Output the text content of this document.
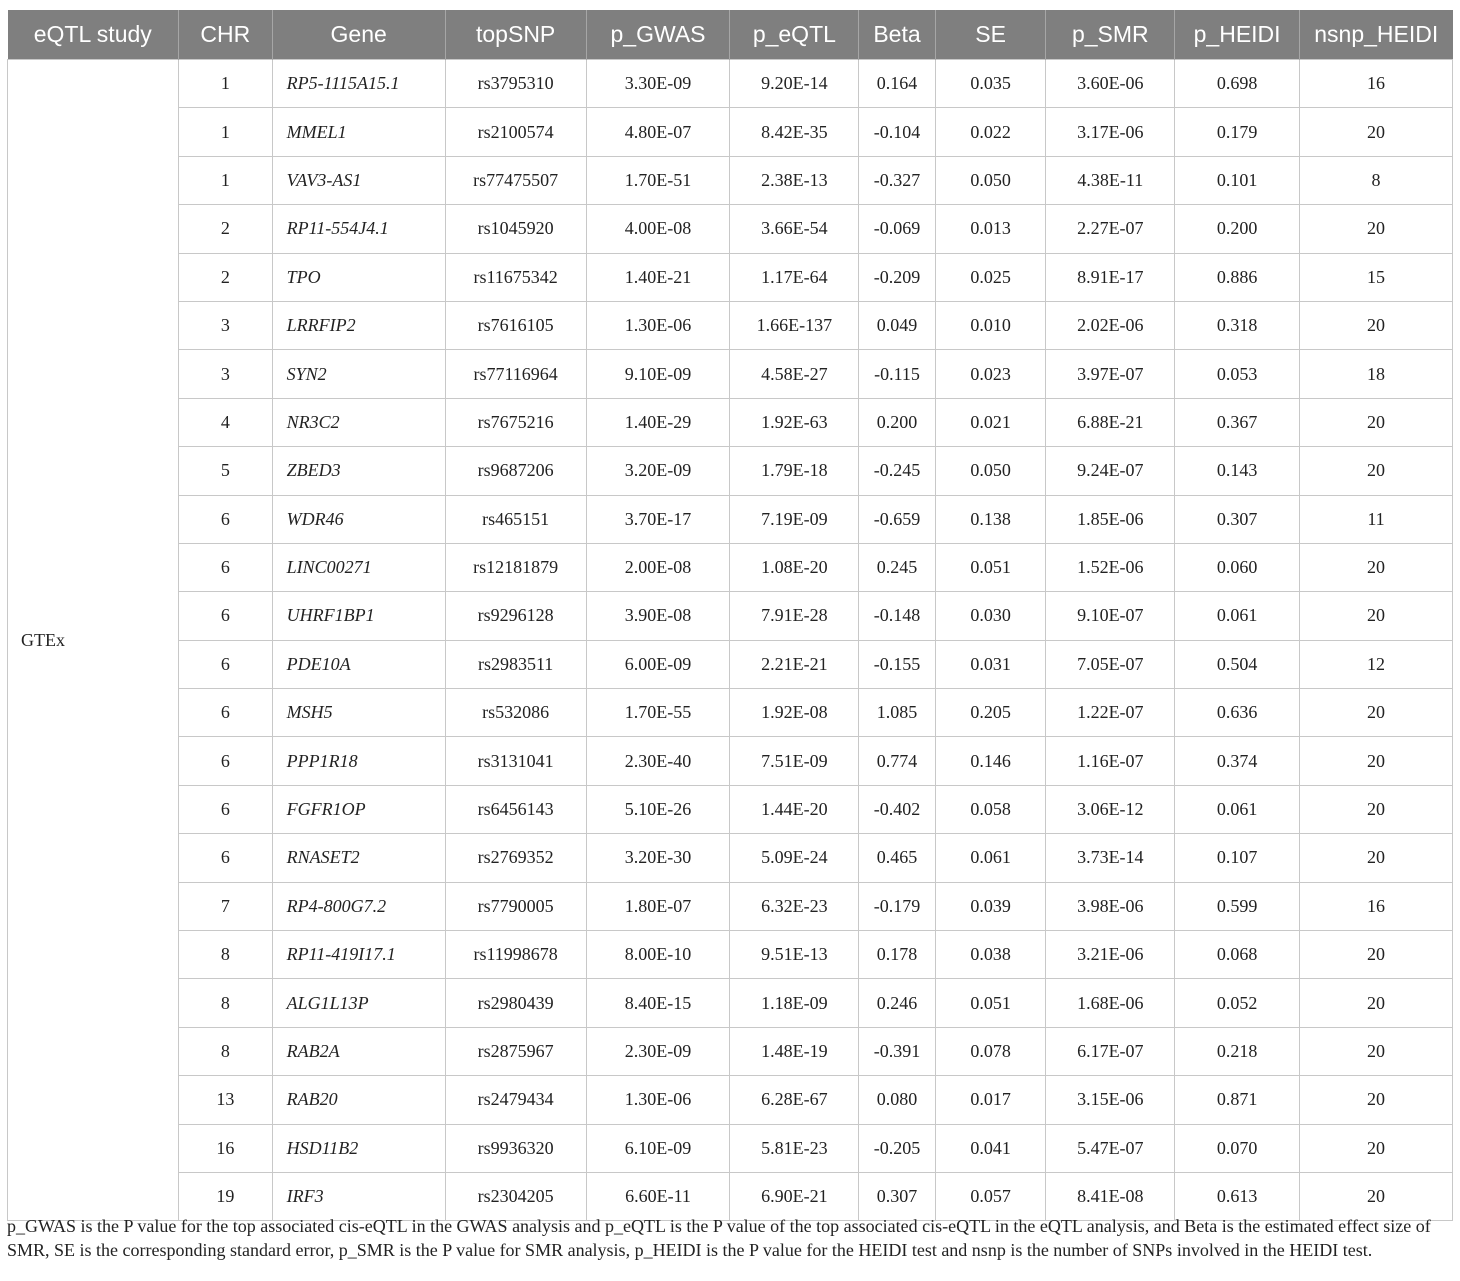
eQTL study	CHR	Gene	topSNP	p_GWAS	p_eQTL	Beta	SE	p_SMR	p_HEIDI	nsnp_HEIDI
GTEx	1	RP5-1115A15.1	rs3795310	3.30E-09	9.20E-14	0.164	0.035	3.60E-06	0.698	16
	1	MMEL1	rs2100574	4.80E-07	8.42E-35	-0.104	0.022	3.17E-06	0.179	20
	1	VAV3-AS1	rs77475507	1.70E-51	2.38E-13	-0.327	0.050	4.38E-11	0.101	8
	2	RP11-554J4.1	rs1045920	4.00E-08	3.66E-54	-0.069	0.013	2.27E-07	0.200	20
	2	TPO	rs11675342	1.40E-21	1.17E-64	-0.209	0.025	8.91E-17	0.886	15
	3	LRRFIP2	rs7616105	1.30E-06	1.66E-137	0.049	0.010	2.02E-06	0.318	20
	3	SYN2	rs77116964	9.10E-09	4.58E-27	-0.115	0.023	3.97E-07	0.053	18
	4	NR3C2	rs7675216	1.40E-29	1.92E-63	0.200	0.021	6.88E-21	0.367	20
	5	ZBED3	rs9687206	3.20E-09	1.79E-18	-0.245	0.050	9.24E-07	0.143	20
	6	WDR46	rs465151	3.70E-17	7.19E-09	-0.659	0.138	1.85E-06	0.307	11
	6	LINC00271	rs12181879	2.00E-08	1.08E-20	0.245	0.051	1.52E-06	0.060	20
	6	UHRF1BP1	rs9296128	3.90E-08	7.91E-28	-0.148	0.030	9.10E-07	0.061	20
	6	PDE10A	rs2983511	6.00E-09	2.21E-21	-0.155	0.031	7.05E-07	0.504	12
	6	MSH5	rs532086	1.70E-55	1.92E-08	1.085	0.205	1.22E-07	0.636	20
	6	PPP1R18	rs3131041	2.30E-40	7.51E-09	0.774	0.146	1.16E-07	0.374	20
	6	FGFR1OP	rs6456143	5.10E-26	1.44E-20	-0.402	0.058	3.06E-12	0.061	20
	6	RNASET2	rs2769352	3.20E-30	5.09E-24	0.465	0.061	3.73E-14	0.107	20
	7	RP4-800G7.2	rs7790005	1.80E-07	6.32E-23	-0.179	0.039	3.98E-06	0.599	16
	8	RP11-419I17.1	rs11998678	8.00E-10	9.51E-13	0.178	0.038	3.21E-06	0.068	20
	8	ALG1L13P	rs2980439	8.40E-15	1.18E-09	0.246	0.051	1.68E-06	0.052	20
	8	RAB2A	rs2875967	2.30E-09	1.48E-19	-0.391	0.078	6.17E-07	0.218	20
	13	RAB20	rs2479434	1.30E-06	6.28E-67	0.080	0.017	3.15E-06	0.871	20
	16	HSD11B2	rs9936320	6.10E-09	5.81E-23	-0.205	0.041	5.47E-07	0.070	20
	19	IRF3	rs2304205	6.60E-11	6.90E-21	0.307	0.057	8.41E-08	0.613	20
p_GWAS is the P value for the top associated cis-eQTL in the GWAS analysis and p_eQTL is the P value of the top associated cis-eQTL in the eQTL analysis, and Beta is the estimated effect size of SMR, SE is the corresponding standard error, p_SMR is the P value for SMR analysis, p_HEIDI is the P value for the HEIDI test and nsnp is the number of SNPs involved in the HEIDI test.
